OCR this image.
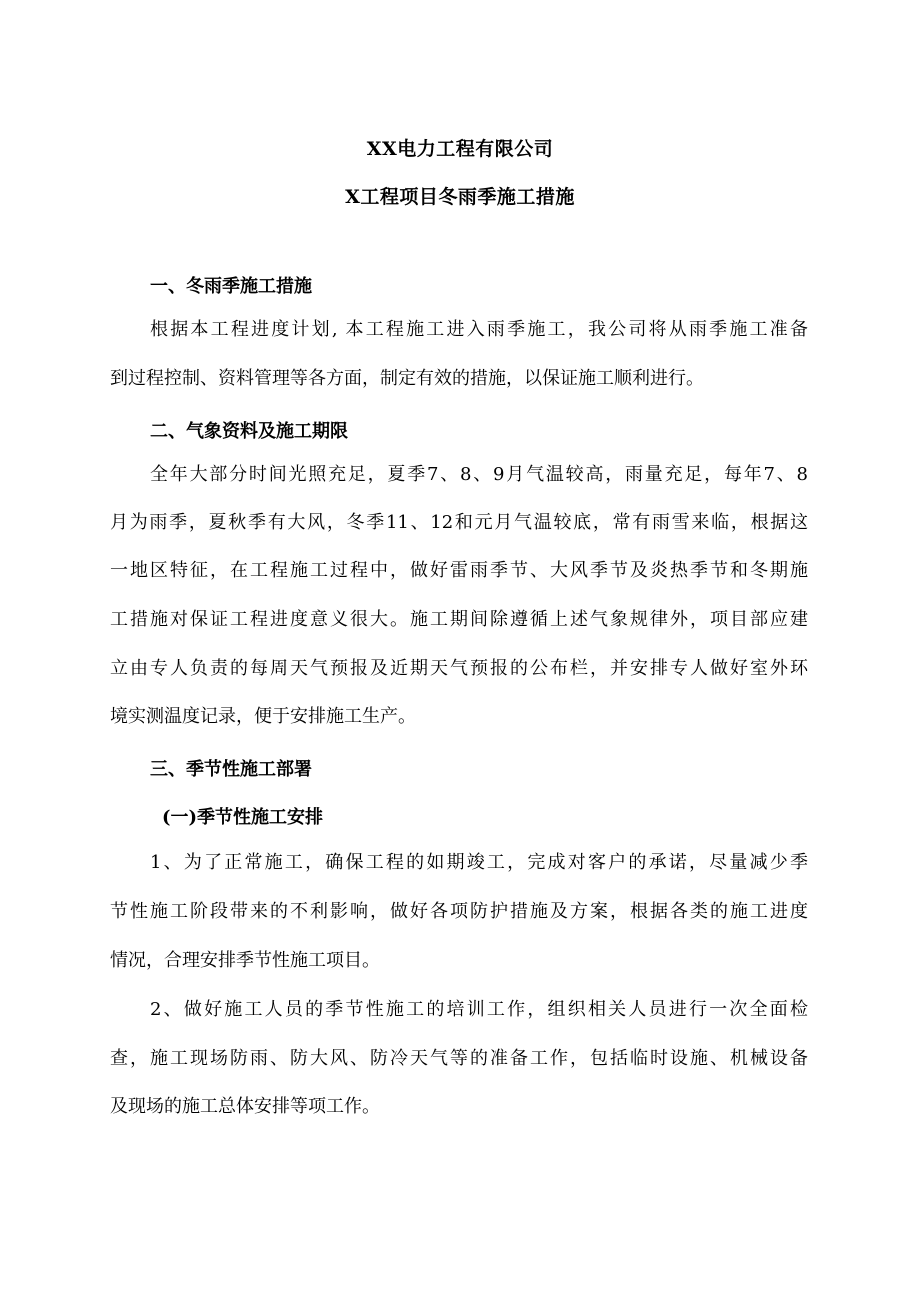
XX电力工程有限公司
X工程项目冬雨季施工措施
一、冬雨季施工措施
根据本工程进度计划, 本工程施工进入雨季施工，我公司将从雨季施工准备
到过程控制、资料管理等各方面，制定有效的措施，以保证施工顺利进行。
二、气象资料及施工期限
全年大部分时间光照充足，夏季7、8、9月气温较高，雨量充足，每年7、8
月为雨季，夏秋季有大风，冬季11、12和元月气温较底，常有雨雪来临，根据这
一地区特征，在工程施工过程中，做好雷雨季节、大风季节及炎热季节和冬期施
工措施对保证工程进度意义很大。施工期间除遵循上述气象规律外，项目部应建
立由专人负责的每周天气预报及近期天气预报的公布栏，并安排专人做好室外环
境实测温度记录，便于安排施工生产。
三、季节性施工部署
(一)季节性施工安排
1、为了正常施工，确保工程的如期竣工，完成对客户的承诺，尽量减少季
节性施工阶段带来的不利影响，做好各项防护措施及方案，根据各类的施工进度
情况，合理安排季节性施工项目。
2、做好施工人员的季节性施工的培训工作，组织相关人员进行一次全面检
查，施工现场防雨、防大风、防冷天气等的准备工作，包括临时设施、机械设备
及现场的施工总体安排等项工作。
